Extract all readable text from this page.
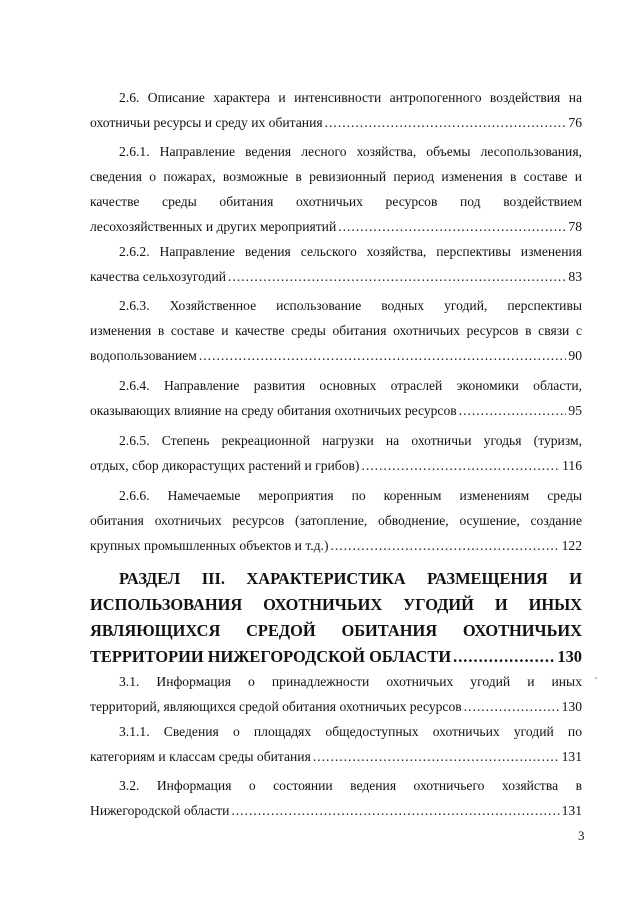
2.6. Описание характера и интенсивности антропогенного воздействия на
охотничьи ресурсы и среду их обитания .....	76
2.6.1. Направление ведения лесного хозяйства, объемы лесопользования,
сведения о пожарах, возможные в ревизионный период изменения в составе и
качестве среды обитания охотничьих ресурсов под воздействием
лесохозяйственных и других мероприятий .....	78
2.6.2. Направление ведения сельского хозяйства, перспективы изменения
качества сельхозугодий .....	83
2.6.3. Хозяйственное использование водных угодий, перспективы
изменения в составе и качестве среды обитания охотничьих ресурсов в связи с
водопользованием .....	90
2.6.4. Направление развития основных отраслей экономики области,
оказывающих влияние на среду обитания охотничьих ресурсов .....	95
2.6.5. Степень рекреационной нагрузки на охотничьи угодья (туризм,
отдых, сбор дикорастущих растений и грибов) .....	116
2.6.6. Намечаемые мероприятия по коренным изменениям среды
обитания охотничьих ресурсов (затопление, обводнение, осушение, создание
крупных промышленных объектов и т.д.) .....	122
РАЗДЕЛ III. ХАРАКТЕРИСТИКА РАЗМЕЩЕНИЯ И
ИСПОЛЬЗОВАНИЯ ОХОТНИЧЬИХ УГОДИЙ И ИНЫХ
ЯВЛЯЮЩИХСЯ СРЕДОЙ ОБИТАНИЯ ОХОТНИЧЬИХ
ТЕРРИТОРИИ НИЖЕГОРОДСКОЙ ОБЛАСТИ .....	130
3.1. Информация о принадлежности охотничьих угодий и иных
территорий, являющихся средой обитания охотничьих ресурсов .....	130
3.1.1. Сведения о площадях общедоступных охотничьих угодий по
категориям и классам среды обитания .....	131
3.2. Информация о состоянии ведения охотничьего хозяйства в
Нижегородской области .....	131
3
